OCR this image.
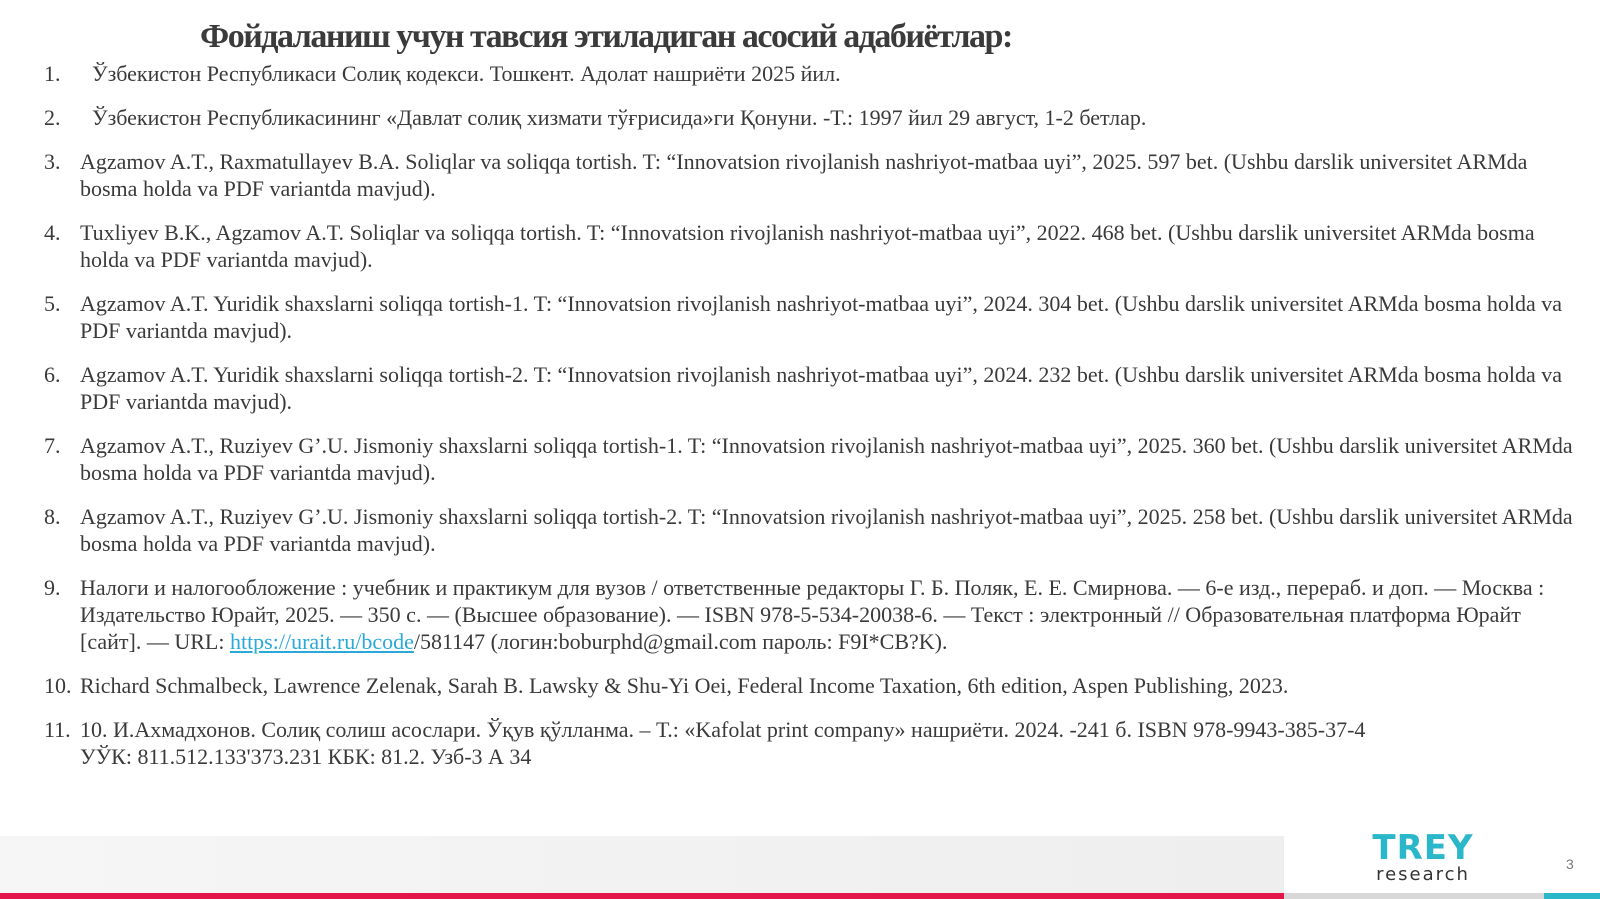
Фойдаланиш учун тавсия этиладиган асосий адабиётлар:
1.	Ўзбекистон Республикаси Солиқ кодекси. Тошкент. Адолат нашриёти 2025 йил.
2.	Ўзбекистон Республикасининг «Давлат солиқ хизмати тўғрисида»ги Қонуни. -Т.: 1997 йил 29 август, 1-2 бетлар.
3. Agzamov A.T., Raxmatullayev B.A. Soliqlar va soliqqa tortish. T: “Innovatsion rivojlanish nashriyot-matbaa uyi”, 2025. 597 bet. (Ushbu darslik universitet ARMda bosma holda va PDF variantda mavjud).
4. Tuxliyev B.K., Agzamov A.T. Soliqlar va soliqqa tortish. T: “Innovatsion rivojlanish nashriyot-matbaa uyi”, 2022. 468 bet. (Ushbu darslik universitet ARMda bosma holda va PDF variantda mavjud).
5. Agzamov A.T. Yuridik shaxslarni soliqqa tortish-1. T: “Innovatsion rivojlanish nashriyot-matbaa uyi”, 2024. 304 bet. (Ushbu darslik universitet ARMda bosma holda va PDF variantda mavjud).
6. Agzamov A.T. Yuridik shaxslarni soliqqa tortish-2. T: “Innovatsion rivojlanish nashriyot-matbaa uyi”, 2024. 232 bet. (Ushbu darslik universitet ARMda bosma holda va PDF variantda mavjud).
7. Agzamov A.T., Ruziyev G’.U. Jismoniy shaxslarni soliqqa tortish-1. T: “Innovatsion rivojlanish nashriyot-matbaa uyi”, 2025. 360 bet. (Ushbu darslik universitet ARMda bosma holda va PDF variantda mavjud).
8. Agzamov A.T., Ruziyev G’.U. Jismoniy shaxslarni soliqqa tortish-2. T: “Innovatsion rivojlanish nashriyot-matbaa uyi”, 2025. 258 bet. (Ushbu darslik universitet ARMda bosma holda va PDF variantda mavjud).
9. Налоги и налогообложение : учебник и практикум для вузов / ответственные редакторы Г. Б. Поляк, Е. Е. Смирнова. — 6-е изд., перераб. и доп. — Москва : Издательство Юрайт, 2025. — 350 с. — (Высшее образование). — ISBN 978-5-534-20038-6. — Текст : электронный // Образовательная платформа Юрайт [сайт]. — URL: https://urait.ru/bcode/581147 (логин:boburphd@gmail.com пароль: F9I*CB?K).
10. Richard Schmalbeck, Lawrence Zelenak, Sarah B. Lawsky & Shu-Yi Oei, Federal Income Taxation, 6th edition, Aspen Publishing, 2023.
11. 10. И.Ахмадхонов. Солиқ солиш асослари. Ўқув қўлланма. – Т.: «Kafolat print company» нашриёти. 2024. -241 б. ISBN 978-9943-385-37-4
УЎК: 811.512.133'373.231 КБК: 81.2. Узб-3 А 34
TREY
research	3
